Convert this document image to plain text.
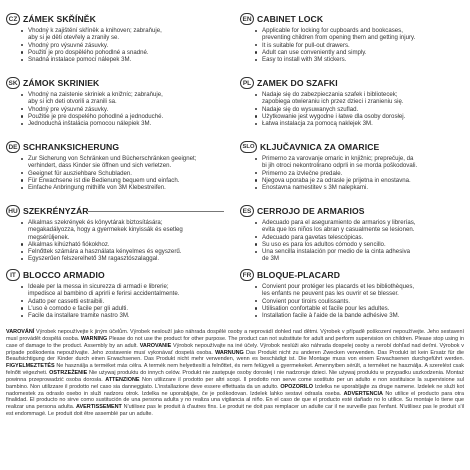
CZ ZÁMEK SKŘÍNĚK
Vhodný k zajištění skříněk a knihoven; zabraňuje,
aby si je děti otevřely a zranily se.
Vhodný pro výsuvné zásuvky.
Použití je pro dospělého pohodlné a snadné.
Snadná instalace pomocí nálepek 3M.
SK ZÁMOK SKRINIEK
Vhodný na zaistenie skriniek a knižníc; zabraňuje,
aby si ich deti otvorili a zranili sa.
Vhodný pre výsuvné zásuvky.
Použitie je pre dospelého pohodlné a jednoduché.
Jednoduchá inštalácia pomocou nálepiek 3M.
DE SCHRANKSICHERUNG
Zur Sicherung von Schränken und Bücherschränken geeignet;
verhindert, dass Kinder sie öffnen und sich verletzen.
Geeignet für ausziehbare Schubladen.
Für Erwachsene ist die Bedienung bequem und einfach.
Einfache Anbringung mithilfe von 3M Klebestreifen.
HU SZEKRÉNYZÁR
Alkalmas szekrények és könyvtárak biztosítására;
megakadályozza, hogy a gyermekek kinyissák és esetleg
megsérüljenek.
Alkalmas kihúzható fiókokhoz.
Felnőttek számára a használata kényelmes és egyszerű.
Egyszerűen felszerelhető 3M ragasztószalaggal.
IT BLOCCO ARMADIO
Ideale per la messa in sicurezza di armadi e librerie;
impedisce al bambino di aprirli e ferirsi accidentalmente.
Adatto per cassetti estraibili.
L'uso è comodo e facile per gli adulti.
Facile da installare tramite nastro 3M.
EN CABINET LOCK
Applicable for locking for cupboards and bookcases,
preventing children from opening them and getting injury.
It is suitable for pull-out drawers.
Adult can use conveniently and simply.
Easy to install with 3M stickers.
PL ZAMEK DO SZAFKI
Nadaje się do zabezpieczania szafek i bibliotecek;
zapobiega otwieraniu ich przez dzieci i zranieniu się.
Nadaje się do wysuwanych szuflad.
Użytkowanie jest wygodne i łatwe dla osoby dorosłej.
Łatwa instalacja za pomocą naklejek 3M.
SLO KLJUČAVNICA ZA OMARICE
Primerno za varovanje omaric in knjižnic; preprečuje, da
bi jih otroci nekontrolirano odprli in se morda poškodovali.
Primerno za izvlečne predale.
Njegova uporaba je za odrasle je prijetna in enostavna.
Enostavna namestitev s 3M nalepkami.
ES CERROJO DE ARMARIOS
Adecuado para el aseguramiento de armarios y librerías,
evita que los niños los abran y casualmente se lesionen.
Adecuado para gavetas telescópicas.
Su uso es para los adultos cómodo y sencillo.
Una sencilla instalación por medio de la cinta adhesiva
de 3M
FR BLOQUE-PLACARD
Convient pour protéger les placards et les bibliothèques,
les enfants ne peuvent pas les ouvrir et se blesser.
Convient pour tiroirs coulissants.
Utilisation confortable et facile pour les adultes.
Installation facile à l'aide de la bande adhésive 3M.
VAROVÁNÍ Výrobek nepoužívejte k jiným účelům. Výrobek neslouží jako náhrada dospělé osoby a neprovádí dohled nad dětmi. Výrobek v případě poškození nepoužívejte. Jeho sestavení musí provádět dospělá osoba. WARNING Please do not use the product for other purpose. The product can not substitute for adult and perform supervision on children. Please stop using in case of damage to the product. Assembly by an adult. VAROVANIE Výrobok nepoužívajte na iné účely. Výrobok neslúži ako náhrada dospelej osoby a nerobí dohľad nad deťmi. Výrobok v prípade poškodenia nepoužívajte. Jeho zostavenie musí vykonávať dospelá osoba. WARNUNG Das Produkt nicht zu anderen Zwecken verwenden. Das Produkt ist kein Ersatz für die Beaufsichtigung der Kinder durch einen Erwachsenen. Das Produkt nicht mehr verwenden, wenn es beschädigt ist. Die Montage muss von einem Erwachsenen durchgeführt werden. FIGYELMEZTETÉS Ne használja a terméket más célra. A termék nem helyettesíti a felnőttet, és nem felügyeli a gyermekeket. Amennyiben sérült, a terméket ne használja. A szerelést csak felnőtt végezheti. OSTRZEŻENIE Nie używaj produktu do innych celów. Produkt nie zastępuje osoby dorosłej i nie nadzoruje dzieci. Nie używaj produktu w przypadku uszkodzenia. Montaż powinna przeprowadzić osoba dorosła. ATTENZIONE Non utilizzare il prodotto per altri scopi. Il prodotto non serve come sostituto per un adulto e non sostituisce la supervisione sul bambino. Non utilizzare il prodotto nel caso sia danneggiato. L'installazione deve essere effettuata da un adulto. OPOZORILO Izdelka ne uporabljajte za druge namene. Izdelek ne služi kot nadomestek za odraslo osebo in služi nadzoru otrok. Izdelka ne uporabljajte, če je poškodovan. Izdelek lahko sestavi odrasla oseba. ADVERTENCIA No utilice el producto para otra finalidad. El producto no sirve como sustitución de una persona adulta y no realiza una vigilancia al niño. En el caso de que el producto esté dañado no lo utilice. Su montaje lo tiene que realizar una persona adulta. AVERTISSEMENT N'utilisez pas le produit à d'autres fins. Le produit ne doit pas remplacer un adulte car il ne surveille pas l'enfant. N'utilisez pas le produit s'il est endommagé. Le produit doit être assemblé par un adulte.
